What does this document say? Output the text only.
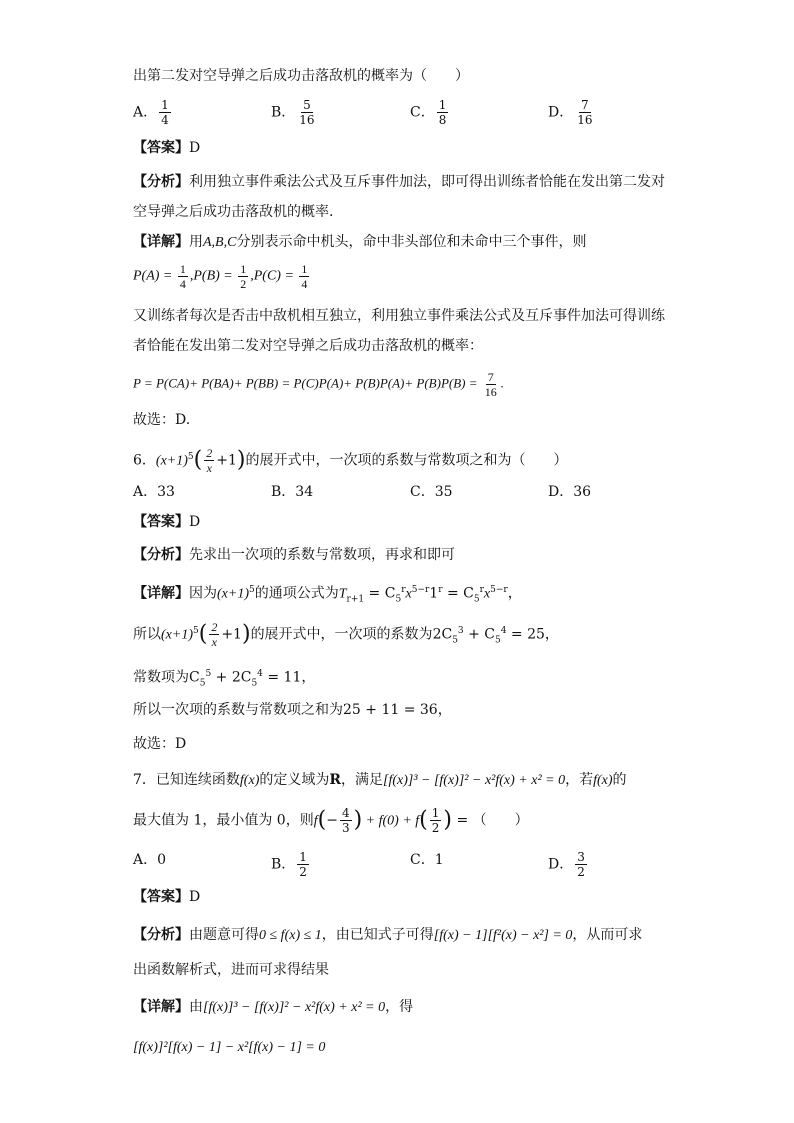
出第二发对空导弹之后成功击落敌机的概率为（　　）
A． $\frac{1}{4}$	B． $\frac{5}{16}$	C． $\frac{1}{8}$	D． $\frac{7}{16}$
【答案】D
【分析】利用独立事件乘法公式及互斥事件加法，即可得出训练者恰能在发出第二发对
空导弹之后成功击落敌机的概率.
【详解】用A,B,C分别表示命中机头，命中非头部位和未命中三个事件，则
$P(A) = \frac{1}{4} ,P(B) = \frac{1}{2} ,P(C) = \frac{1}{4}$
又训练者每次是否击中敌机相互独立，利用独立事件乘法公式及互斥事件加法可得训练
者恰能在发出第二发对空导弹之后成功击落敌机的概率：
$P = P(CA)+ P(BA)+ P(BB) = P(C)P(A)+ P(B)P(A)+ P(B)P(B) = \frac{7}{16}$ .
故选：D.
6．$(x+1)^5( \frac{2}{x} +1)$的展开式中，一次项的系数与常数项之和为（　　）
A．33	B．34	C．35	D．36
【答案】D
【分析】先求出一次项的系数与常数项，再求和即可
【详解】因为$(x+1)^5$的通项公式为$T_{r+1} = C_5^rx^{5-r}1^r = C_5^rx^{5-r}$，
所以$(x+1)^5( \frac{2}{x} +1)$的展开式中，一次项的系数为$2C_5^3 + C_5^4 = 25$，
常数项为$C_5^5 + 2C_5^4 = 11$，
所以一次项的系数与常数项之和为25 + 11 = 36，
故选：D
7．已知连续函数f(x)的定义域为R，满足[f(x)]³ − [f(x)]² − x²f(x) + x² = 0，若f(x)的
最大值为 1，最小值为 0，则$f(- \frac{4}{3}$ ) + $f(0) + f( \frac{1}{2}$ ) = （　　）
A．0	B． $\frac{1}{2}$	C．1	D． $\frac{3}{2}$
【答案】D
【分析】由题意可得0 ≤ f(x) ≤ 1，由已知式子可得[f(x) − 1][f²(x) − x²] = 0，从而可求
出函数解析式，进而可求得结果
【详解】由[f(x)]³ − [f(x)]² − x²f(x) + x² = 0，得
[f(x)]²[f(x) − 1] − x²[f(x) − 1] = 0
